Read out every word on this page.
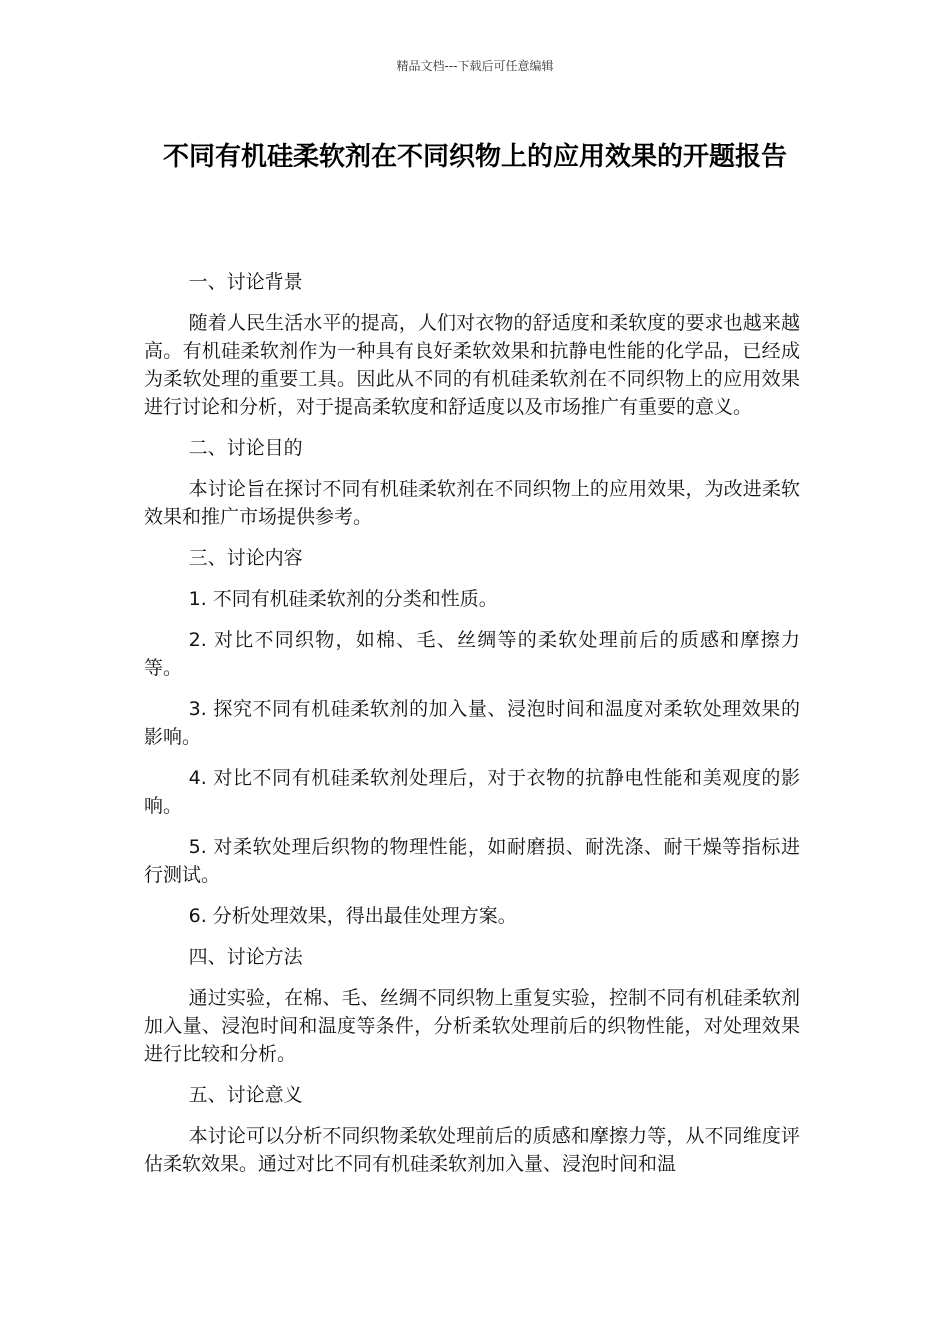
精品文档---下载后可任意编辑
不同有机硅柔软剂在不同织物上的应用效果的开题报告

一、讨论背景

随着人民生活水平的提高，人们对衣物的舒适度和柔软度的要求也越来越高。有机硅柔软剂作为一种具有良好柔软效果和抗静电性能的化学品，已经成为柔软处理的重要工具。因此从不同的有机硅柔软剂在不同织物上的应用效果进行讨论和分析，对于提高柔软度和舒适度以及市场推广有重要的意义。

二、讨论目的

本讨论旨在探讨不同有机硅柔软剂在不同织物上的应用效果，为改进柔软效果和推广市场提供参考。

三、讨论内容

1. 不同有机硅柔软剂的分类和性质。

2. 对比不同织物，如棉、毛、丝绸等的柔软处理前后的质感和摩擦力等。

3. 探究不同有机硅柔软剂的加入量、浸泡时间和温度对柔软处理效果的影响。

4. 对比不同有机硅柔软剂处理后，对于衣物的抗静电性能和美观度的影响。

5. 对柔软处理后织物的物理性能，如耐磨损、耐洗涤、耐干燥等指标进行测试。

6. 分析处理效果，得出最佳处理方案。

四、讨论方法

通过实验，在棉、毛、丝绸不同织物上重复实验，控制不同有机硅柔软剂加入量、浸泡时间和温度等条件，分析柔软处理前后的织物性能，对处理效果进行比较和分析。

五、讨论意义

本讨论可以分析不同织物柔软处理前后的质感和摩擦力等，从不同维度评估柔软效果。通过对比不同有机硅柔软剂加入量、浸泡时间和温
